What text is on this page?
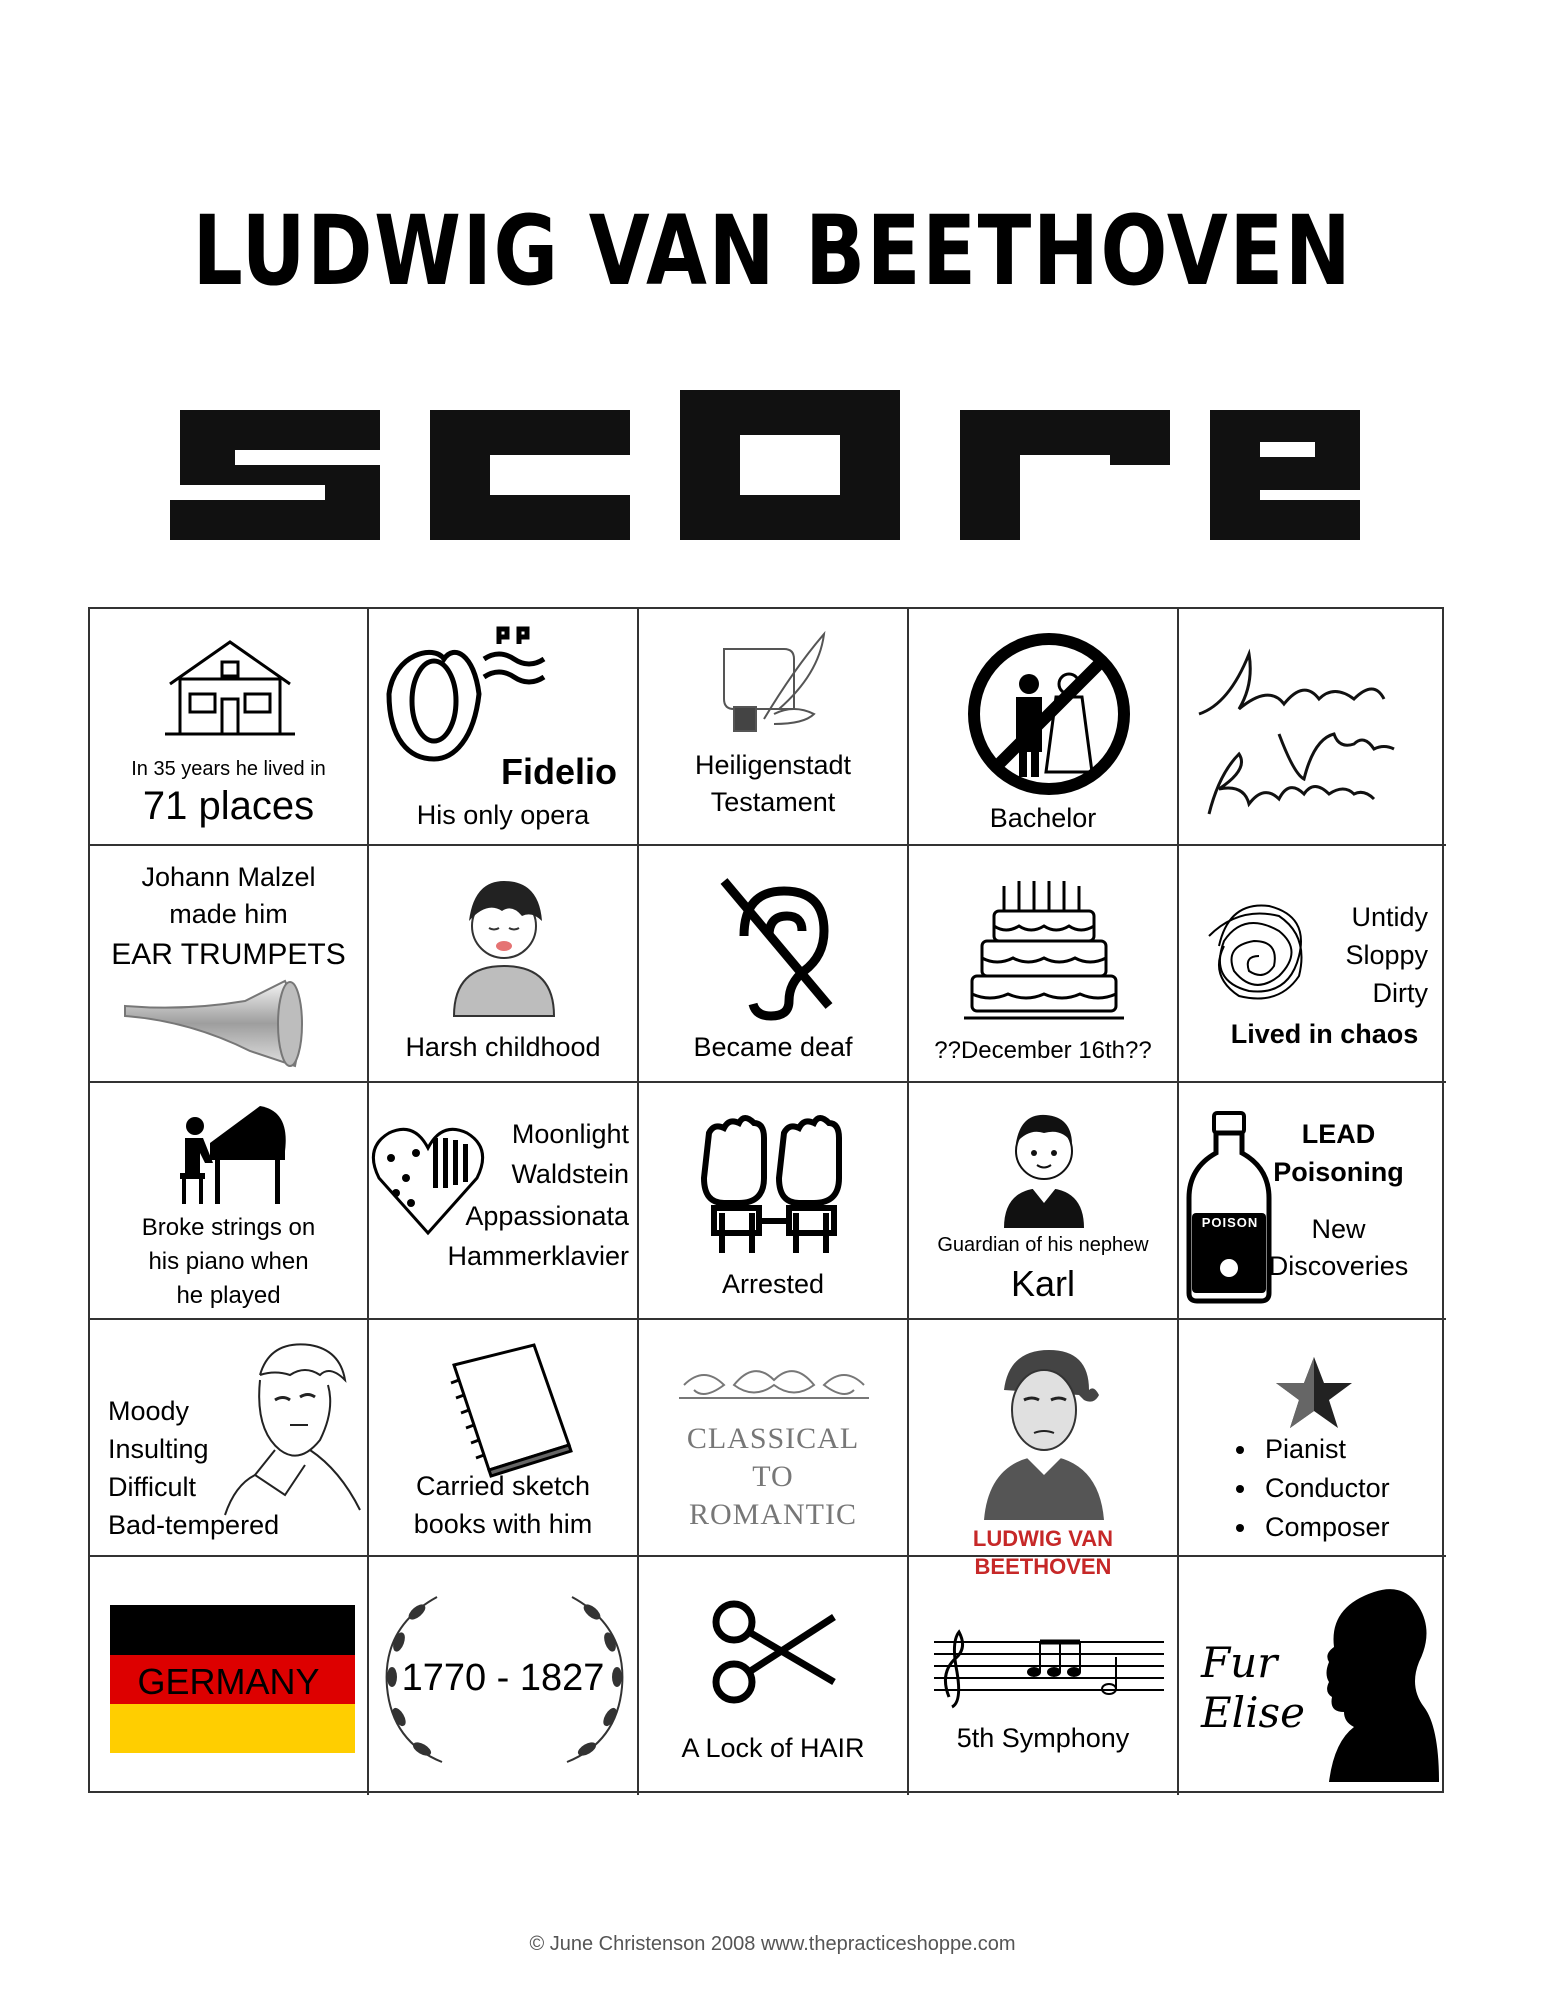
LUDWIG VAN BEETHOVEN
In 35 years he lived in
71 places
Fidelio
His only opera
Heiligenstadt
Testament
Bachelor
Johann Malzel
made him
EAR TRUMPETS
Harsh childhood	Became deaf	??December 16th??
Untidy
Sloppy
Dirty
Lived in chaos
Broke strings on
his piano when
he played
Moonlight
Waldstein
Appassionata
Hammerklavier
Arrested
Guardian of his nephew
Karl
POISON
LEAD
Poisoning
New
Discoveries
Moody
Insulting
Difficult
Bad-tempered
Carried sketch
books with him
CLASSICAL
TO
ROMANTIC
LUDWIG VAN BEETHOVEN
• Pianist
• Conductor
• Composer
GERMANY	1770 - 1827
A Lock of HAIR	5th Symphony
Fur
Elise
© June Christenson 2008 www.thepracticeshoppe.com
